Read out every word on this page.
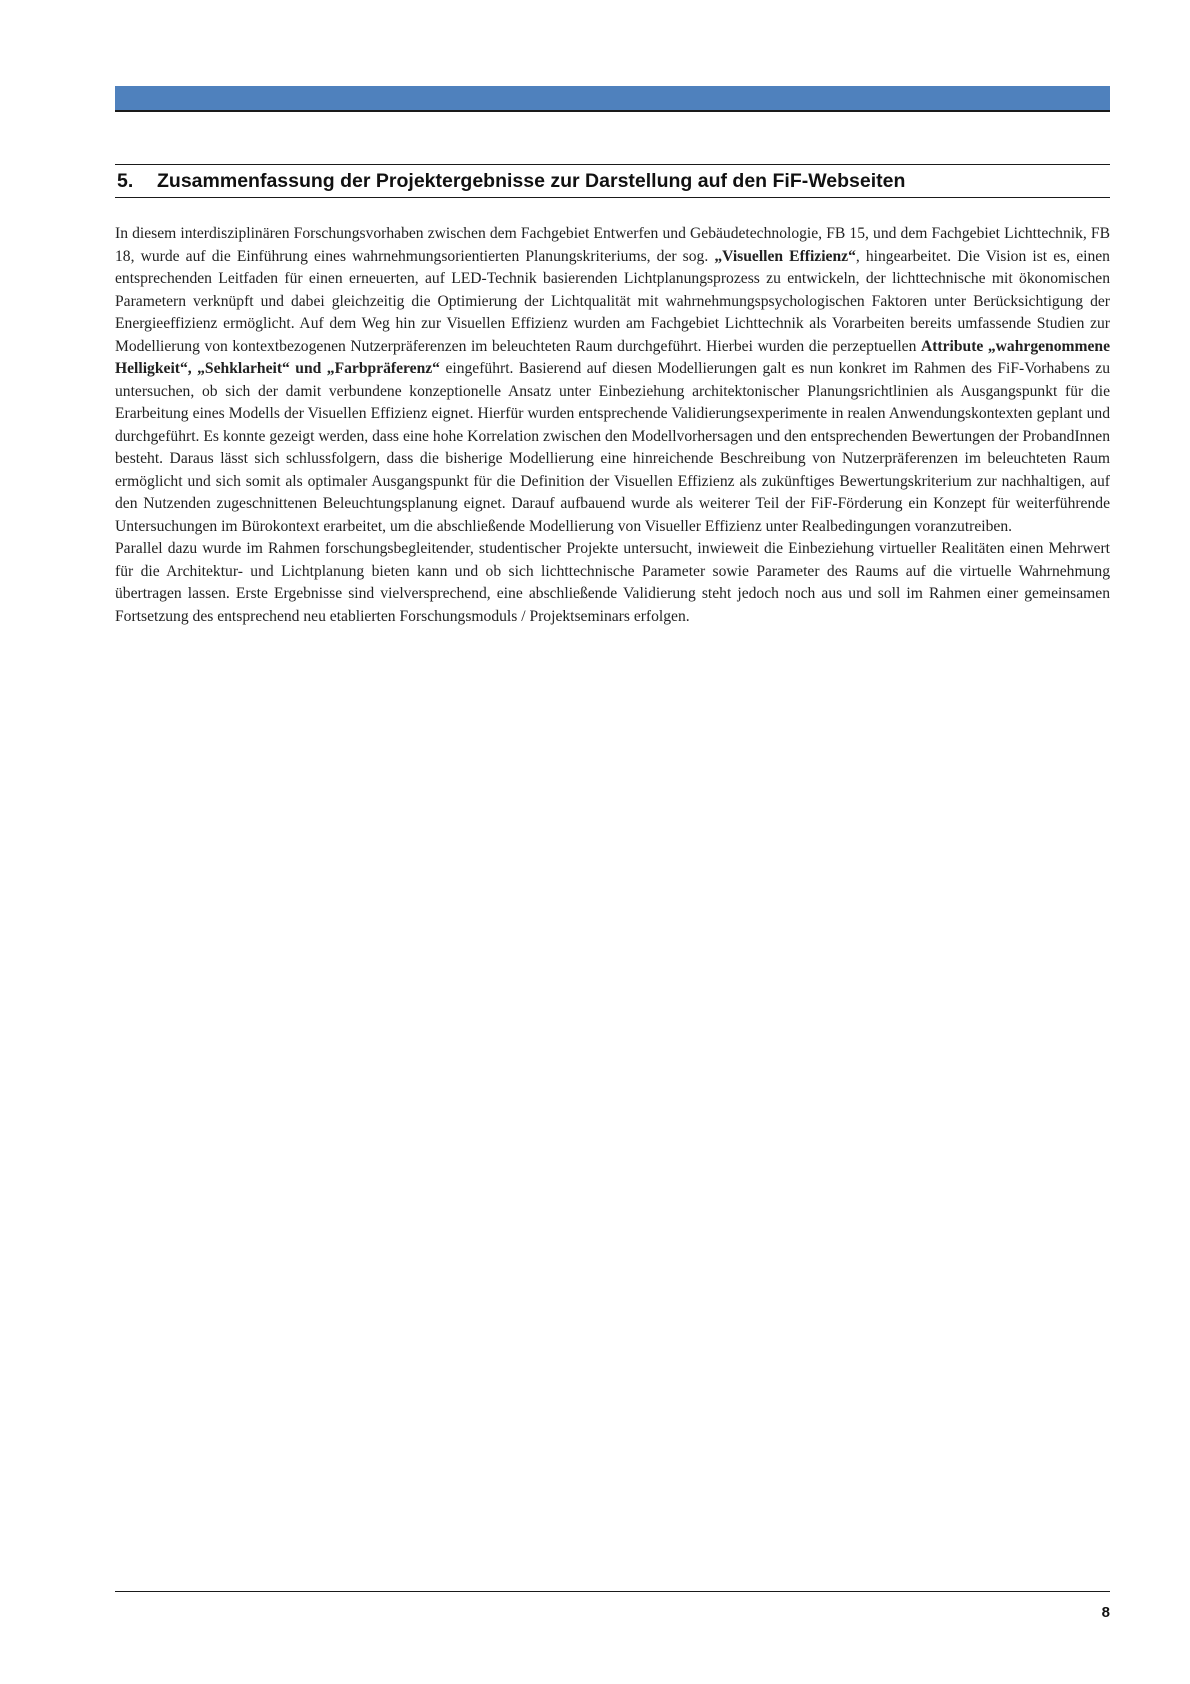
5.	Zusammenfassung der Projektergebnisse zur Darstellung auf den FiF-Webseiten

In diesem interdisziplinären Forschungsvorhaben zwischen dem Fachgebiet Entwerfen und Gebäudetechnologie, FB 15, und dem Fachgebiet Lichttechnik, FB 18, wurde auf die Einführung eines wahrnehmungsorientierten Planungskriteriums, der sog. „Visuellen Effizienz“, hingearbeitet. Die Vision ist es, einen entsprechenden Leitfaden für einen erneuerten, auf LED-Technik basierenden Lichtplanungsprozess zu entwickeln, der lichttechnische mit ökonomischen Parametern verknüpft und dabei gleichzeitig die Optimierung der Lichtqualität mit wahrnehmungspsychologischen Faktoren unter Berücksichtigung der Energieeffizienz ermöglicht. Auf dem Weg hin zur Visuellen Effizienz wurden am Fachgebiet Lichttechnik als Vorarbeiten bereits umfassende Studien zur Modellierung von kontextbezogenen Nutzerpräferenzen im beleuchteten Raum durchgeführt. Hierbei wurden die perzeptuellen Attribute „wahrgenommene Helligkeit“, „Sehklarheit“ und „Farbpräferenz“ eingeführt. Basierend auf diesen Modellierungen galt es nun konkret im Rahmen des FiF-Vorhabens zu untersuchen, ob sich der damit verbundene konzeptionelle Ansatz unter Einbeziehung architektonischer Planungsrichtlinien als Ausgangspunkt für die Erarbeitung eines Modells der Visuellen Effizienz eignet. Hierfür wurden entsprechende Validierungsexperimente in realen Anwendungskontexten geplant und durchgeführt. Es konnte gezeigt werden, dass eine hohe Korrelation zwischen den Modellvorhersagen und den entsprechenden Bewertungen der ProbandInnen besteht. Daraus lässt sich schlussfolgern, dass die bisherige Modellierung eine hinreichende Beschreibung von Nutzerpräferenzen im beleuchteten Raum ermöglicht und sich somit als optimaler Ausgangspunkt für die Definition der Visuellen Effizienz als zukünftiges Bewertungskriterium zur nachhaltigen, auf den Nutzenden zugeschnittenen Beleuchtungsplanung eignet. Darauf aufbauend wurde als weiterer Teil der FiF-Förderung ein Konzept für weiterführende Untersuchungen im Bürokontext erarbeitet, um die abschließende Modellierung von Visueller Effizienz unter Realbedingungen voranzutreiben.

Parallel dazu wurde im Rahmen forschungsbegleitender, studentischer Projekte untersucht, inwieweit die Einbeziehung virtueller Realitäten einen Mehrwert für die Architektur- und Lichtplanung bieten kann und ob sich lichttechnische Parameter sowie Parameter des Raums auf die virtuelle Wahrnehmung übertragen lassen. Erste Ergebnisse sind vielversprechend, eine abschließende Validierung steht jedoch noch aus und soll im Rahmen einer gemeinsamen Fortsetzung des entsprechend neu etablierten Forschungsmoduls / Projektseminars erfolgen.

8
